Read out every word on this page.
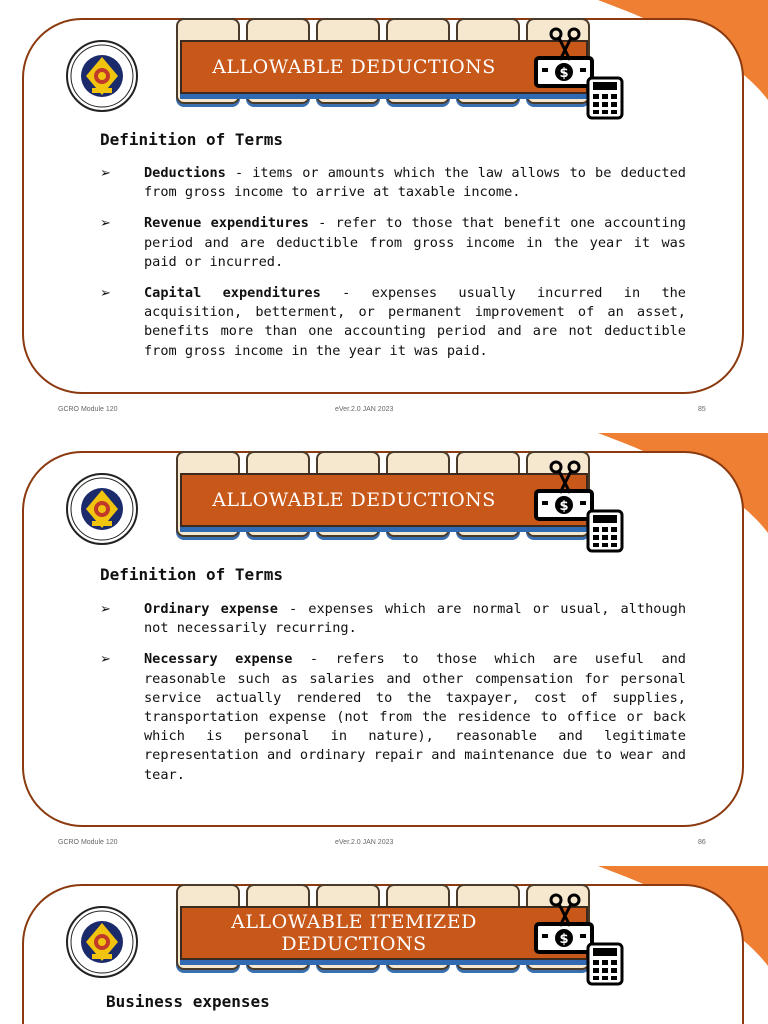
ALLOWABLE DEDUCTIONS
Definition of Terms
➢ Deductions - items or amounts which the law allows to be deducted from gross income to arrive at taxable income.
➢ Revenue expenditures - refer to those that benefit one accounting period and are deductible from gross income in the year it was paid or incurred.
➢ Capital expenditures - expenses usually incurred in the acquisition, betterment, or permanent improvement of an asset, benefits more than one accounting period and are not deductible from gross income in the year it was paid.
GCRO Module 120	eVer.2.0 JAN 2023	85
ALLOWABLE DEDUCTIONS
Definition of Terms
➢ Ordinary expense - expenses which are normal or usual, although not necessarily recurring.
➢ Necessary expense - refers to those which are useful and reasonable such as salaries and other compensation for personal service actually rendered to the taxpayer, cost of supplies, transportation expense (not from the residence to office or back which is personal in nature), reasonable and legitimate representation and ordinary repair and maintenance due to wear and tear.
GCRO Module 120	eVer.2.0 JAN 2023	86
ALLOWABLE ITEMIZED
DEDUCTIONS
Business expenses
